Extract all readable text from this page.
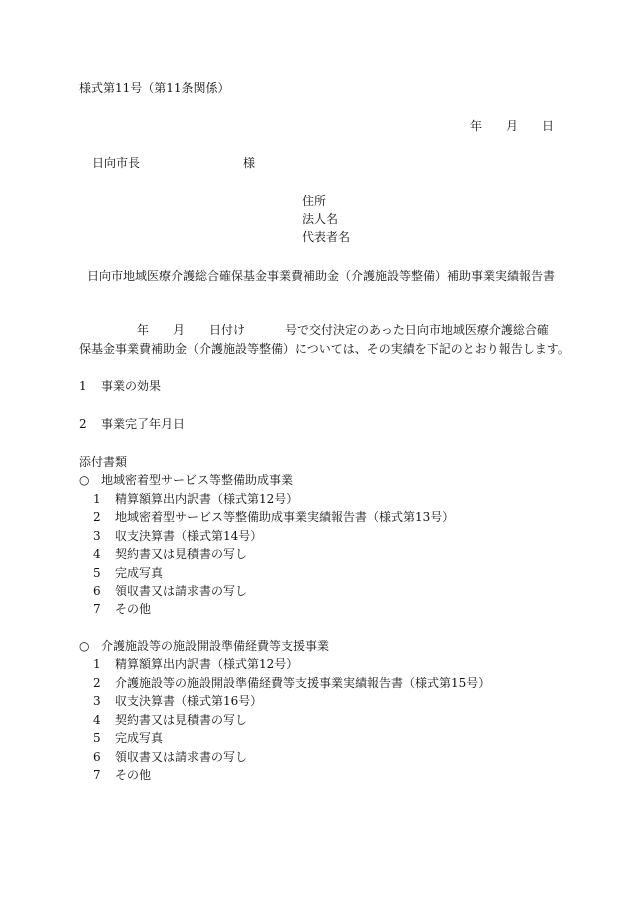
様式第11号（第11条関係）
年 月 日
日向市長	様
住所
法人名
代表者名
日向市地域医療介護総合確保基金事業費補助金（介護施設等整備）補助事業実績報告書
年 月 日付け	号で交付決定のあった日向市地域医療介護総合確
保基金事業費補助金（介護施設等整備）については、その実績を下記のとおり報告します。
1 事業の効果
2 事業完了年月日
添付書類
○ 地域密着型サービス等整備助成事業
1 精算額算出内訳書（様式第12号）
2 地域密着型サービス等整備助成事業実績報告書（様式第13号）
3 収支決算書（様式第14号）
4 契約書又は見積書の写し
5 完成写真
6 領収書又は請求書の写し
7 その他
○ 介護施設等の施設開設準備経費等支援事業
1 精算額算出内訳書（様式第12号）
2 介護施設等の施設開設準備経費等支援事業実績報告書（様式第15号）
3 収支決算書（様式第16号）
4 契約書又は見積書の写し
5 完成写真
6 領収書又は請求書の写し
7 その他
